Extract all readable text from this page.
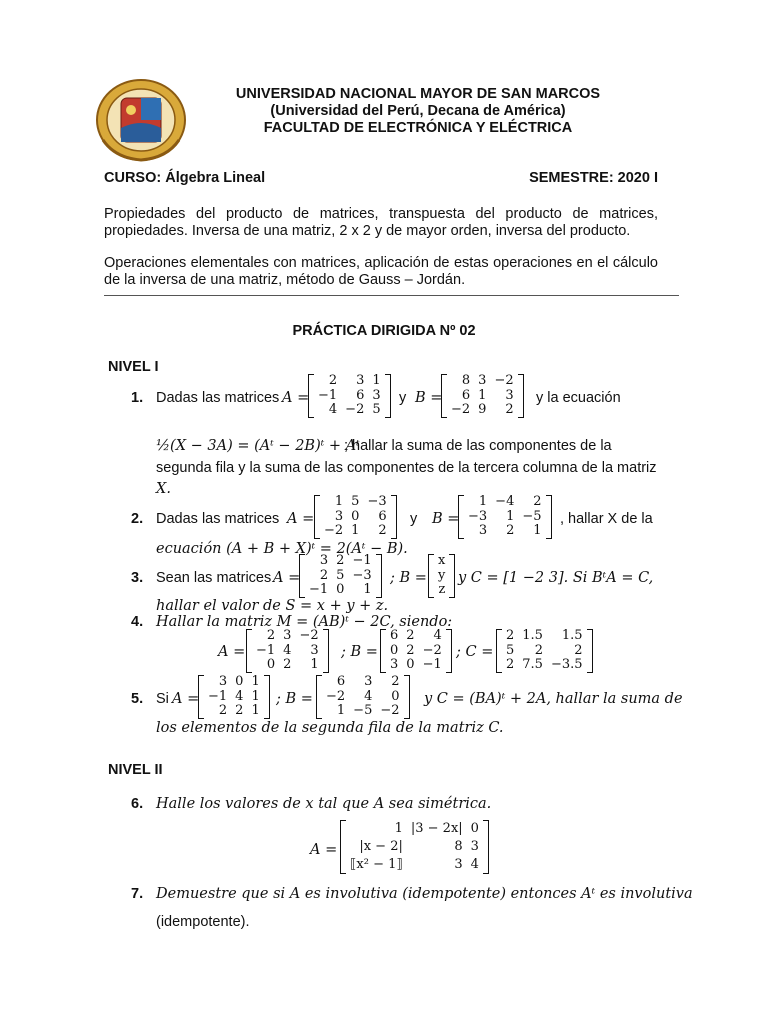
UNIVERSIDAD NACIONAL MAYOR DE SAN MARCOS
(Universidad del Perú, Decana de América)
FACULTAD DE ELECTRÓNICA Y ELÉCTRICA
CURSO: Álgebra Lineal	SEMESTRE: 2020 I
Propiedades del producto de matrices, transpuesta del producto de matrices, propiedades. Inversa de una matriz, 2 x 2 y de mayor orden, inversa del producto.
Operaciones elementales con matrices, aplicación de estas operaciones en el cálculo de la inversa de una matriz, método de Gauss – Jordán.
PRÁCTICA DIRIGIDA Nº 02
NIVEL I
1. Dadas las matrices A =
2	3	1
−1	6	3
4	−2	5
y B =
8	3	−2
6	1	3
−2	9	2
y la ecuación
½(X − 3A) = (Aᵗ − 2B)ᵗ + Aᵗ
; hallar la suma de las componentes de la
segunda fila y la suma de las componentes de la tercera columna de la matriz
X.
2. Dadas las matrices A =
1	5	−3
3	0	6
−2	1	2
y B =
1	−4	2
−3	1	−5
3	2	1
, hallar X de la
ecuación (A + B + X)ᵗ = 2(Aᵗ − B).
3. Sean las matrices A =
3	2	−1
2	5	−3
−1	0	1
; B =
x
y
z
y C = [1 −2 3]. Si BᵗA = C,
hallar el valor de S = x + y + z.
4. Hallar la matriz M = (AB)ᵗ − 2C, siendo:
A =
2	3	−2
−1	4	3
0	2	1
; B =
6	2	4
0	2	−2
3	0	−1
; C =
2	1.5	1.5
5	2	2
2	7.5	−3.5
5. Si A =
3	0	1
−1	4	1
2	2	1
; B =
6	3	2
−2	4	0
1	−5	−2
y C = (BA)ᵗ + 2A, hallar la suma de
los elementos de la segunda fila de la matriz C.
NIVEL II
6. Halle los valores de x tal que A sea simétrica.
A =
1	|3 − 2x|	0
|x − 2|	8	3
⟦x² − 1⟧	3	4
7. Demuestre que si A es involutiva (idempotente) entonces Aᵗ es involutiva
(idempotente).
